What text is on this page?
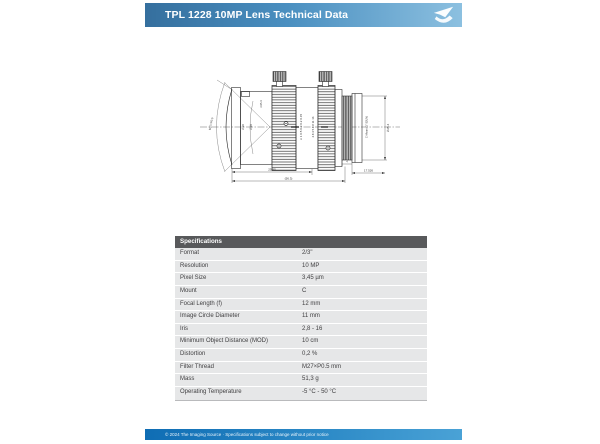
TPL 1228 10MP Lens Technical Data
∞ 1 0.5 0.3 0.2 0.15	2.8 4 5.6 8 11 16
M27×P0.5	∅30 ∅28
∅25.4
C-Mount (1"-32UN)	∅25.4
25.95
(56.3)
4
17.526
Specifications
Format	2/3"
Resolution	10 MP
Pixel Size	3,45 µm
Mount	C
Focal Length (f)	12 mm
Image Circle Diameter	11 mm
Iris	2,8 - 16
Minimum Object Distance (MOD)	10 cm
Distortion	0,2 %
Filter Thread	M27×P0.5 mm
Mass	51,3 g
Operating Temperature	-5 °C - 50 °C
© 2024 The Imaging Source · Specifications subject to change without prior notice
